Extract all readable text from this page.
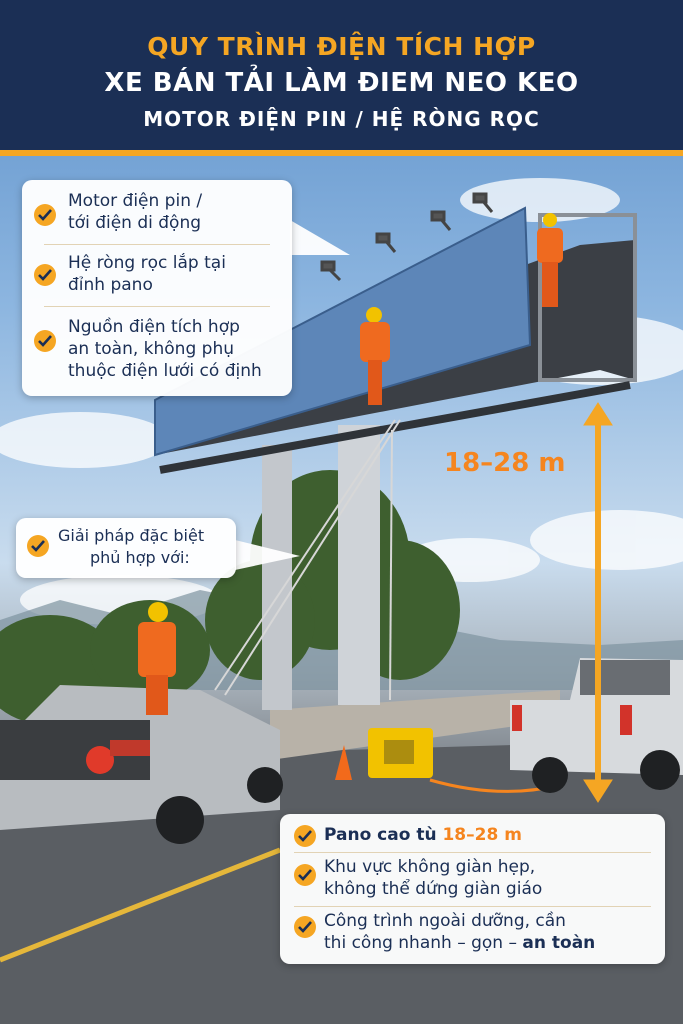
QUY TRÌNH ĐIỆN TÍCH HỢP
XE BÁN TẢI LÀM ĐIEM NEO KEO
MOTOR ĐIỆN PIN / HỆ RÒNG RỌC
18–28 m
Motor điện pin /
tới điện di động
Hệ ròng rọc lắp tại
đỉnh pano
Nguồn điện tích hợp
an toàn, không phụ
thuộc điện lưới có định
Giải pháp đặc biệt
phủ hợp với:
Pano cao tù 18–28 m
Khu vực không giàn hẹp,
không thể dứng giàn giáo
Công trình ngoài dưỡng, cần
thi công nhanh – gọn – an toàn
